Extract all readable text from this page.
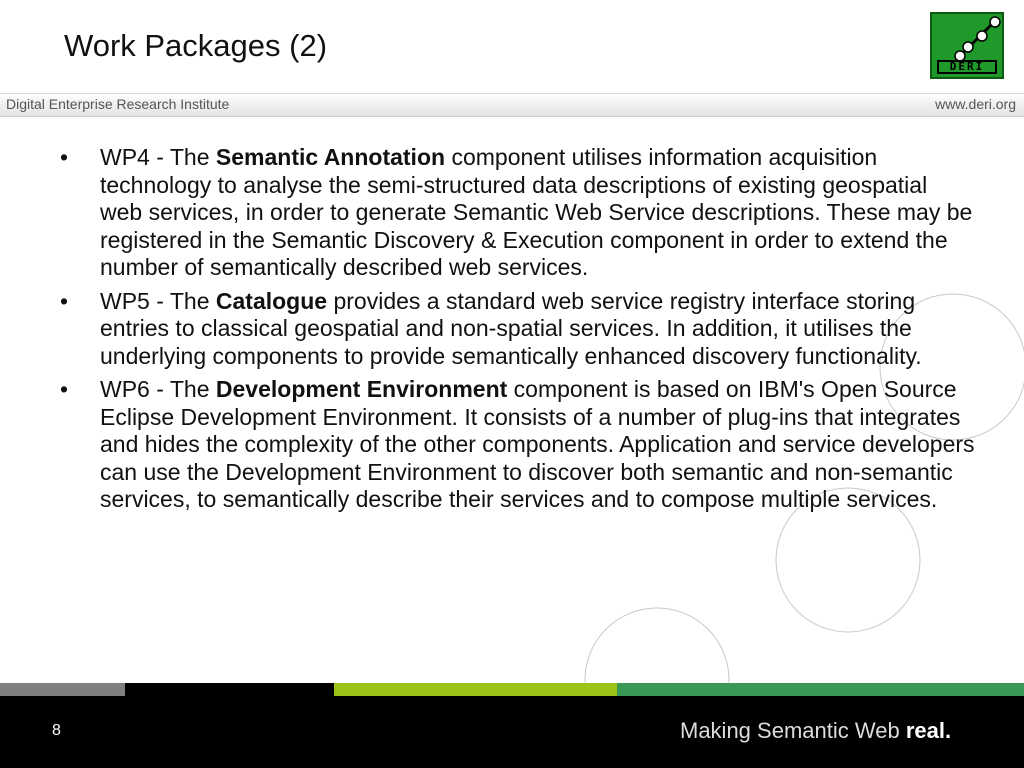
Work Packages (2)
DERI
Digital Enterprise Research Institute	www.deri.org
• WP4 - The Semantic Annotation component utilises information acquisition technology to analyse the semi-structured data descriptions of existing geospatial web services, in order to generate Semantic Web Service descriptions. These may be registered in the Semantic Discovery & Execution component in order to extend the number of semantically described web services.
• WP5 - The Catalogue provides a standard web service registry interface storing entries to classical geospatial and non-spatial services. In addition, it utilises the underlying components to provide semantically enhanced discovery functionality.
• WP6 - The Development Environment component is based on IBM's Open Source Eclipse Development Environment. It consists of a number of plug-ins that integrates and hides the complexity of the other components. Application and service developers can use the Development Environment to discover both semantic and non-semantic services, to semantically describe their services and to compose multiple services.
8	Making Semantic Web real.
